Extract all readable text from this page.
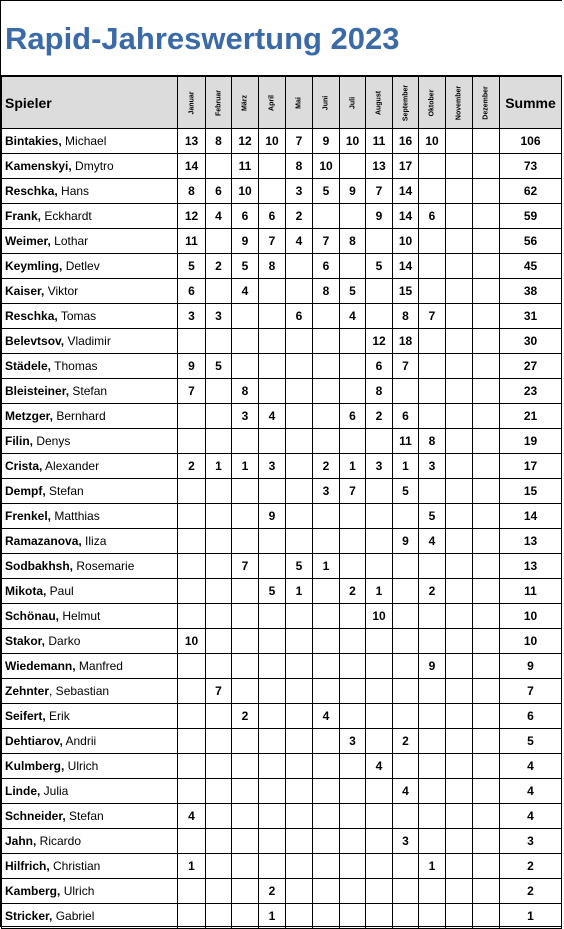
Rapid-Jahreswertung 2023
Spieler	Januar	Februar	März	April	Mai	Juni	Juli	August	September	Oktober	November	Dezember	Summe
Bintakies, Michael	13	8	12	10	7	9	10	11	16	10			106
Kamenskyi, Dmytro	14		11		8	10		13	17				73
Reschka, Hans	8	6	10		3	5	9	7	14				62
Frank, Eckhardt	12	4	6	6	2			9	14	6			59
Weimer, Lothar	11		9	7	4	7	8		10				56
Keymling, Detlev	5	2	5	8		6		5	14				45
Kaiser, Viktor	6		4			8	5		15				38
Reschka, Tomas	3	3			6		4		8	7			31
Belevtsov, Vladimir								12	18				30
Städele, Thomas	9	5						6	7				27
Bleisteiner, Stefan	7		8					8					23
Metzger, Bernhard			3	4			6	2	6				21
Filin, Denys									11	8			19
Crista, Alexander	2	1	1	3		2	1	3	1	3			17
Dempf, Stefan						3	7		5				15
Frenkel, Matthias				9						5			14
Ramazanova, Iliza									9	4			13
Sodbakhsh, Rosemarie			7		5	1							13
Mikota, Paul				5	1		2	1		2			11
Schönau, Helmut								10					10
Stakor, Darko	10												10
Wiedemann, Manfred										9			9
Zehnter, Sebastian		7											7
Seifert, Erik			2			4							6
Dehtiarov, Andrii							3		2				5
Kulmberg, Ulrich								4					4
Linde, Julia									4				4
Schneider, Stefan	4												4
Jahn, Ricardo									3				3
Hilfrich, Christian	1									1			2
Kamberg, Ulrich				2									2
Stricker, Gabriel				1									1
